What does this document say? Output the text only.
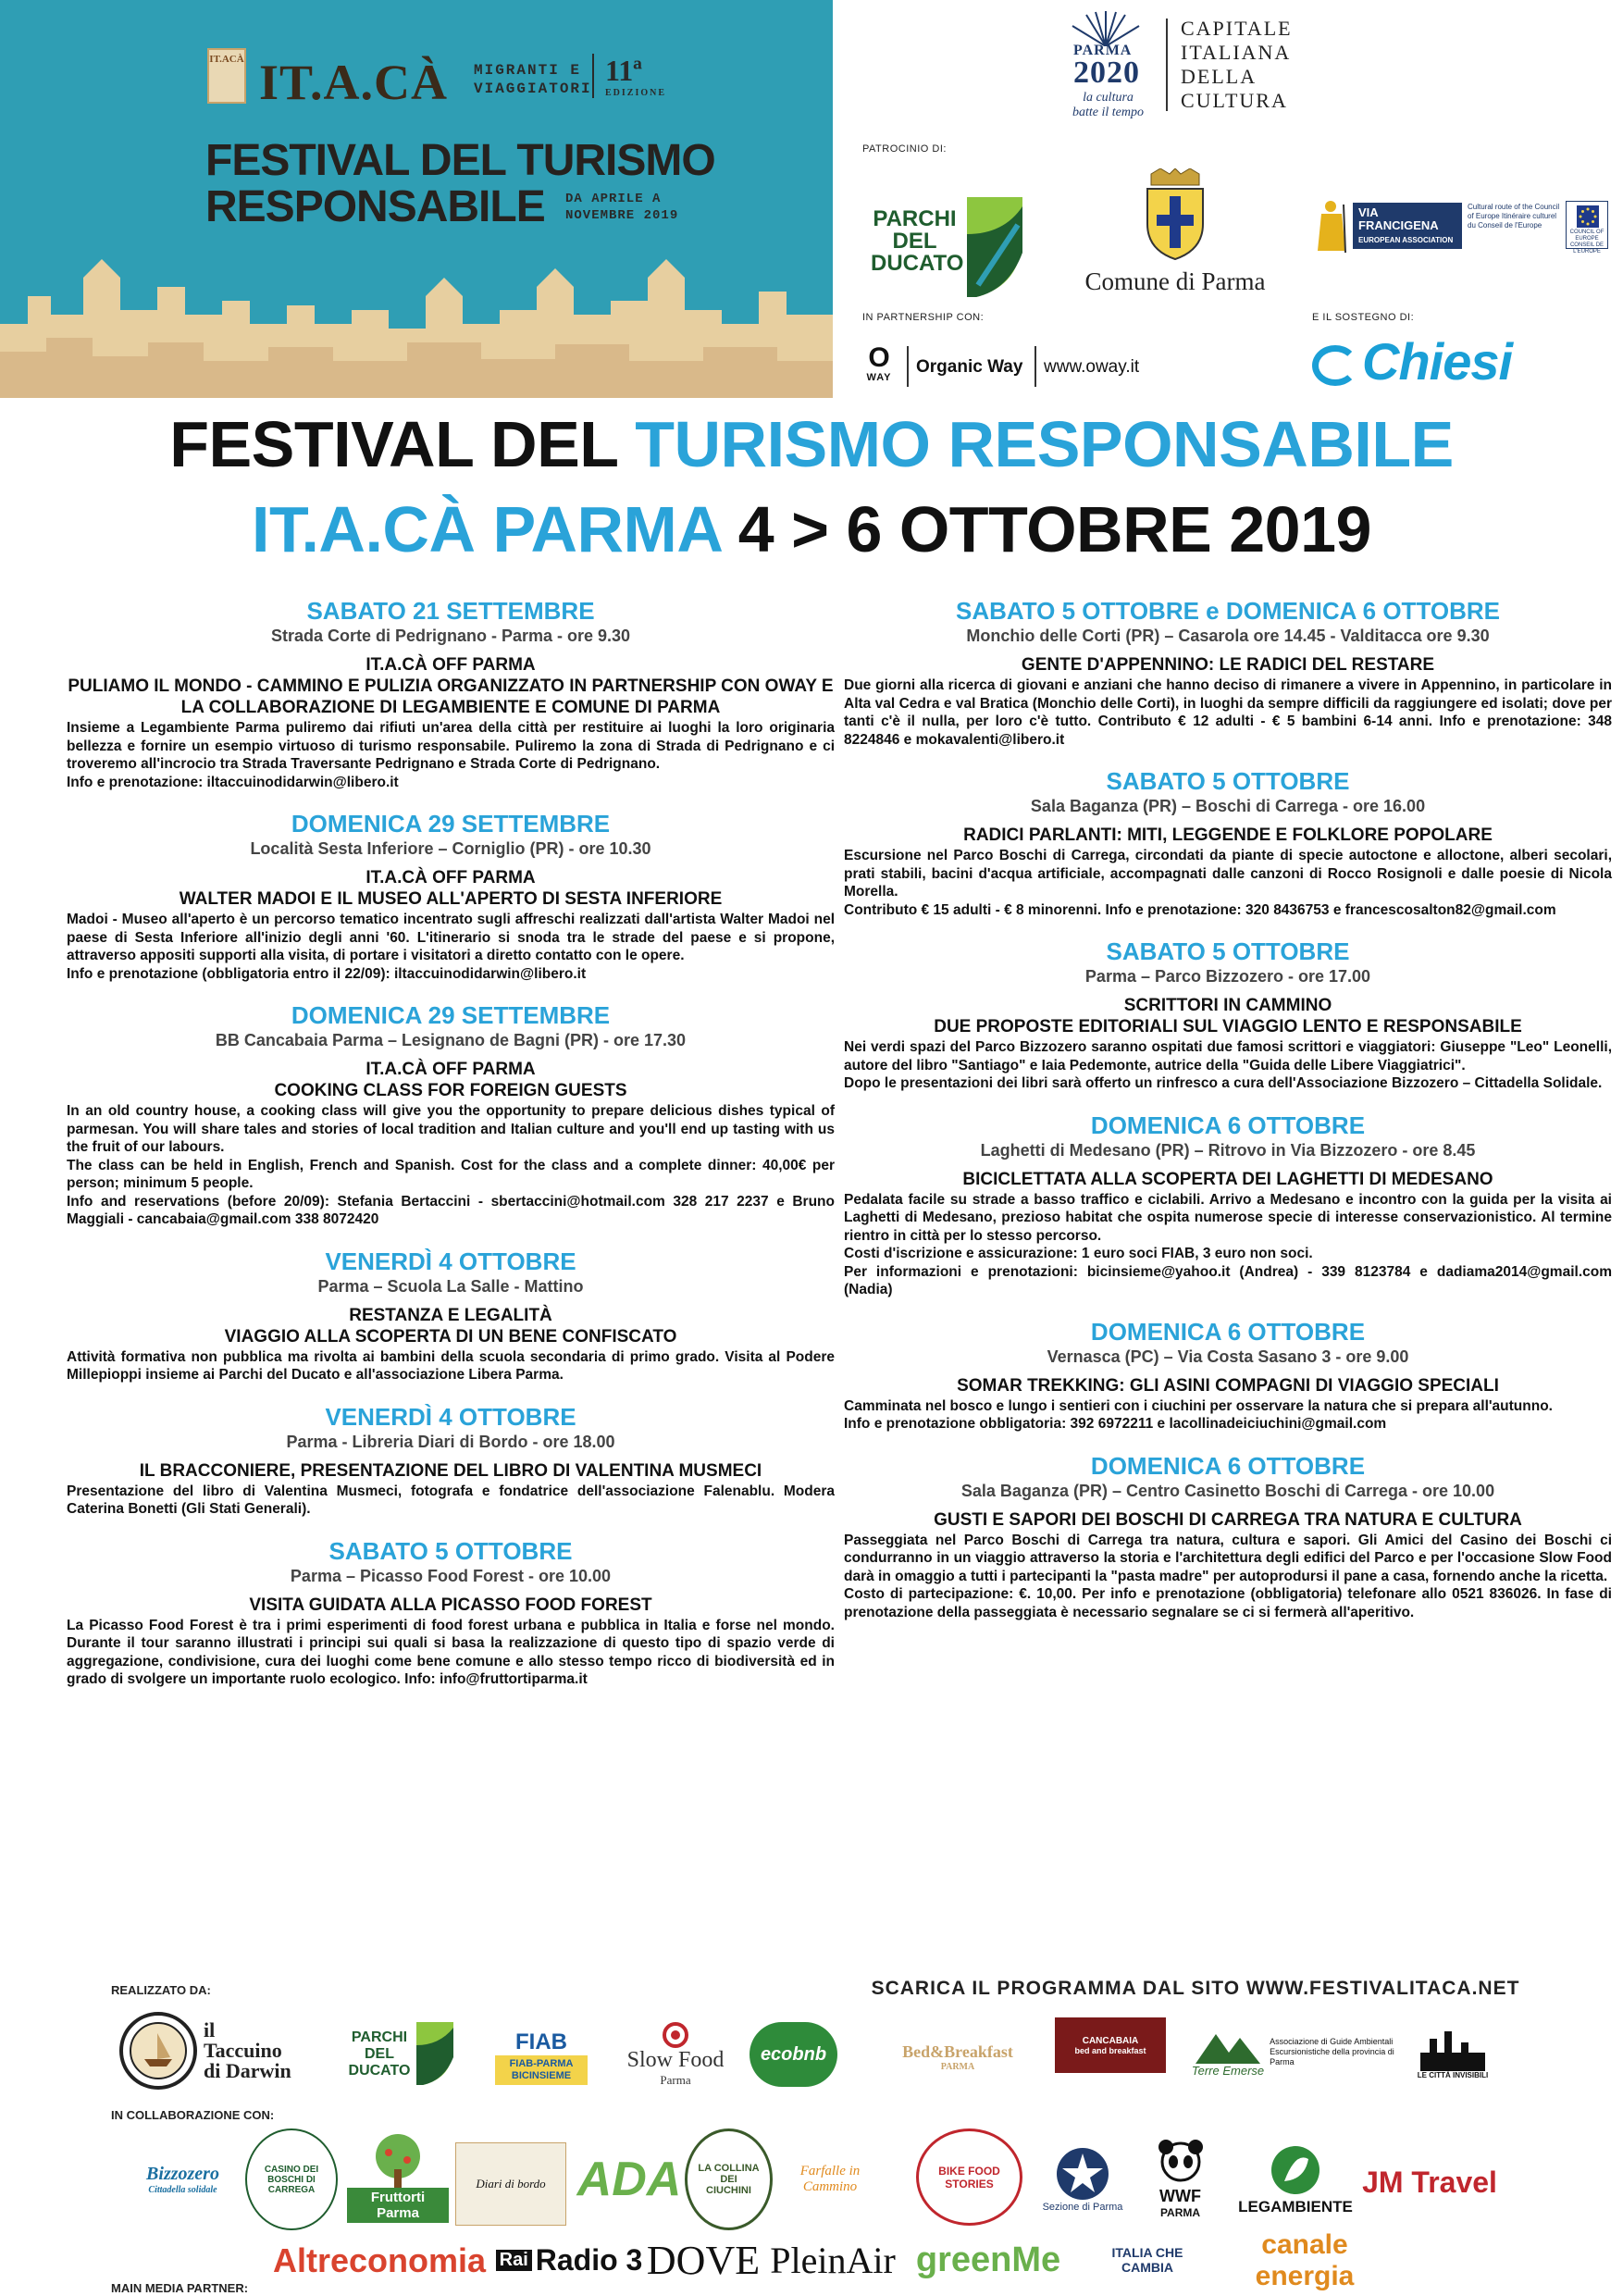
IT.ACÀ IT.A.CÀ MIGRANTI E VIAGGIATORI
11ª
EDIZIONE
FESTIVAL DEL TURISMO
RESPONSABILE DA APRILE A NOVEMBRE 2019
PARMA
2020
la cultura
batte il tempo
CAPITALE
ITALIANA
DELLA
CULTURA
PATROCINIO DI:
PARCHI DEL DUCATO
Comune di Parma
VIA FRANCIGENA
EUROPEAN ASSOCIATION
Cultural route of the Council of Europe Itinéraire culturel du Conseil de l'Europe
COUNCIL OF EUROPE CONSEIL DE L'EUROPE
IN PARTNERSHIP CON:	E IL SOSTEGNO DI:
O
WAY
Organic Way www.oway.it	Chiesi
FESTIVAL DEL TURISMO RESPONSABILE
IT.A.CÀ PARMA 4 > 6 OTTOBRE 2019
SABATO 21 SETTEMBRE
Strada Corte di Pedrignano - Parma - ore 9.30
IT.A.CÀ OFF PARMA
PULIAMO IL MONDO - CAMMINO E PULIZIA ORGANIZZATO IN PARTNERSHIP CON OWAY E LA COLLABORAZIONE DI LEGAMBIENTE E COMUNE DI PARMA
Insieme a Legambiente Parma puliremo dai rifiuti un'area della città per restituire ai luoghi la loro originaria bellezza e fornire un esempio virtuoso di turismo responsabile. Puliremo la zona di Strada di Pedrignano e ci troveremo all'incrocio tra Strada Traversante Pedrignano e Strada Corte di Pedrignano.
Info e prenotazione: iltaccuinodidarwin@libero.it
DOMENICA 29 SETTEMBRE
Località Sesta Inferiore – Corniglio (PR) - ore 10.30
IT.A.CÀ OFF PARMA
WALTER MADOI E IL MUSEO ALL'APERTO DI SESTA INFERIORE
Madoi - Museo all'aperto è un percorso tematico incentrato sugli affreschi realizzati dall'artista Walter Madoi nel paese di Sesta Inferiore all'inizio degli anni '60. L'itinerario si snoda tra le strade del paese e si propone, attraverso appositi supporti alla visita, di portare i visitatori a diretto contatto con le opere.
Info e prenotazione (obbligatoria entro il 22/09): iltaccuinodidarwin@libero.it
DOMENICA 29 SETTEMBRE
BB Cancabaia Parma – Lesignano de Bagni (PR) - ore 17.30
IT.A.CÀ OFF PARMA
COOKING CLASS FOR FOREIGN GUESTS
In an old country house, a cooking class will give you the opportunity to prepare delicious dishes typical of parmesan. You will share tales and stories of local tradition and Italian culture and you'll end up tasting with us the fruit of our labours.
The class can be held in English, French and Spanish. Cost for the class and a complete dinner: 40,00€ per person; minimum 5 people.
Info and reservations (before 20/09): Stefania Bertaccini - sbertaccini@hotmail.com 328 217 2237 e Bruno Maggiali - cancabaia@gmail.com 338 8072420
VENERDÌ 4 OTTOBRE
Parma – Scuola La Salle - Mattino
RESTANZA E LEGALITÀ
VIAGGIO ALLA SCOPERTA DI UN BENE CONFISCATO
Attività formativa non pubblica ma rivolta ai bambini della scuola secondaria di primo grado. Visita al Podere Millepioppi insieme ai Parchi del Ducato e all'associazione Libera Parma.
VENERDÌ 4 OTTOBRE
Parma - Libreria Diari di Bordo - ore 18.00
IL BRACCONIERE, PRESENTAZIONE DEL LIBRO DI VALENTINA MUSMECI
Presentazione del libro di Valentina Musmeci, fotografa e fondatrice dell'associazione Falenablu. Modera Caterina Bonetti (Gli Stati Generali).
SABATO 5 OTTOBRE
Parma – Picasso Food Forest - ore 10.00
VISITA GUIDATA ALLA PICASSO FOOD FOREST
La Picasso Food Forest è tra i primi esperimenti di food forest urbana e pubblica in Italia e forse nel mondo. Durante il tour saranno illustrati i principi sui quali si basa la realizzazione di questo tipo di spazio verde di aggregazione, condivisione, cura dei luoghi come bene comune e allo stesso tempo ricco di biodiversità ed in grado di svolgere un importante ruolo ecologico. Info: info@fruttortiparma.it
SABATO 5 OTTOBRE e DOMENICA 6 OTTOBRE
Monchio delle Corti (PR) – Casarola ore 14.45 - Valditacca ore 9.30
GENTE D'APPENNINO: LE RADICI DEL RESTARE
Due giorni alla ricerca di giovani e anziani che hanno deciso di rimanere a vivere in Appennino, in particolare in Alta val Cedra e val Bratica (Monchio delle Corti), in luoghi da sempre difficili da raggiungere ed isolati; dove per tanti c'è il nulla, per loro c'è tutto. Contributo € 12 adulti - € 5 bambini 6-14 anni. Info e prenotazione: 348 8224846 e mokavalenti@libero.it
SABATO 5 OTTOBRE
Sala Baganza (PR) – Boschi di Carrega - ore 16.00
RADICI PARLANTI: MITI, LEGGENDE E FOLKLORE POPOLARE
Escursione nel Parco Boschi di Carrega, circondati da piante di specie autoctone e alloctone, alberi secolari, prati stabili, bacini d'acqua artificiale, accompagnati dalle canzoni di Rocco Rosignoli e dalle poesie di Nicola Morella.
Contributo € 15 adulti - € 8 minorenni. Info e prenotazione: 320 8436753 e francescosalton82@gmail.com
SABATO 5 OTTOBRE
Parma – Parco Bizzozero - ore 17.00
SCRITTORI IN CAMMINO
DUE PROPOSTE EDITORIALI SUL VIAGGIO LENTO E RESPONSABILE
Nei verdi spazi del Parco Bizzozero saranno ospitati due famosi scrittori e viaggiatori: Giuseppe "Leo" Leonelli, autore del libro "Santiago" e Iaia Pedemonte, autrice della "Guida delle Libere Viaggiatrici".
Dopo le presentazioni dei libri sarà offerto un rinfresco a cura dell'Associazione Bizzozero – Cittadella Solidale.
DOMENICA 6 OTTOBRE
Laghetti di Medesano (PR) – Ritrovo in Via Bizzozero - ore 8.45
BICICLETTATA ALLA SCOPERTA DEI LAGHETTI DI MEDESANO
Pedalata facile su strade a basso traffico e ciclabili. Arrivo a Medesano e incontro con la guida per la visita ai Laghetti di Medesano, prezioso habitat che ospita numerose specie di interesse conservazionistico. Al termine rientro in città per lo stesso percorso.
Costi d'iscrizione e assicurazione: 1 euro soci FIAB, 3 euro non soci.
Per informazioni e prenotazioni: bicinsieme@yahoo.it (Andrea) - 339 8123784 e dadiama2014@gmail.com (Nadia)
DOMENICA 6 OTTOBRE
Vernasca (PC) – Via Costa Sasano 3 - ore 9.00
SOMAR TREKKING: GLI ASINI COMPAGNI DI VIAGGIO SPECIALI
Camminata nel bosco e lungo i sentieri con i ciuchini per osservare la natura che si prepara all'autunno.
Info e prenotazione obbligatoria: 392 6972211 e lacollinadeiciuchini@gmail.com
DOMENICA 6 OTTOBRE
Sala Baganza (PR) – Centro Casinetto Boschi di Carrega - ore 10.00
GUSTI E SAPORI DEI BOSCHI DI CARREGA TRA NATURA E CULTURA
Passeggiata nel Parco Boschi di Carrega tra natura, cultura e sapori. Gli Amici del Casino dei Boschi ci condurranno in un viaggio attraverso la storia e l'architettura degli edifici del Parco e per l'occasione Slow Food darà in omaggio a tutti i partecipanti la "pasta madre" per autoprodursi il pane a casa, fornendo anche la ricetta.
Costo di partecipazione: €. 10,00. Per info e prenotazione (obbligatoria) telefonare allo 0521 836026. In fase di prenotazione della passeggiata è necessario segnalare se ci si fermerà all'aperitivo.
REALIZZATO DA:	SCARICA IL PROGRAMMA DAL SITO WWW.FESTIVALITACA.NET
il
Taccuino
di Darwin
PARCHI DEL DUCATO
FIAB
FIAB-PARMA BICINSIEME
Slow Food
Parma
ecobnb	Bed&Breakfast
PARMA
CANCABAIA
bed and breakfast
Terre Emerse
Associazione di Guide Ambientali Escursionistiche della provincia di Parma
LE CITTÀ INVISIBILI
IN COLLABORAZIONE CON:
Bizzozero
Cittadella solidale
CASINO DEI BOSCHI DI CARREGA	Fruttorti Parma
Diari di bordo ADA LA COLLINA DEI CIUCHINI
Farfalle in Cammino
BIKE FOOD STORIES
Sezione di Parma
WWF
PARMA LEGAMBIENTE
JM Travel
MAIN MEDIA PARTNER:
Altreconomia Rai Radio 3 DOVE PleinAir greenMe	ITALIA CHE CAMBIA
canale energia
